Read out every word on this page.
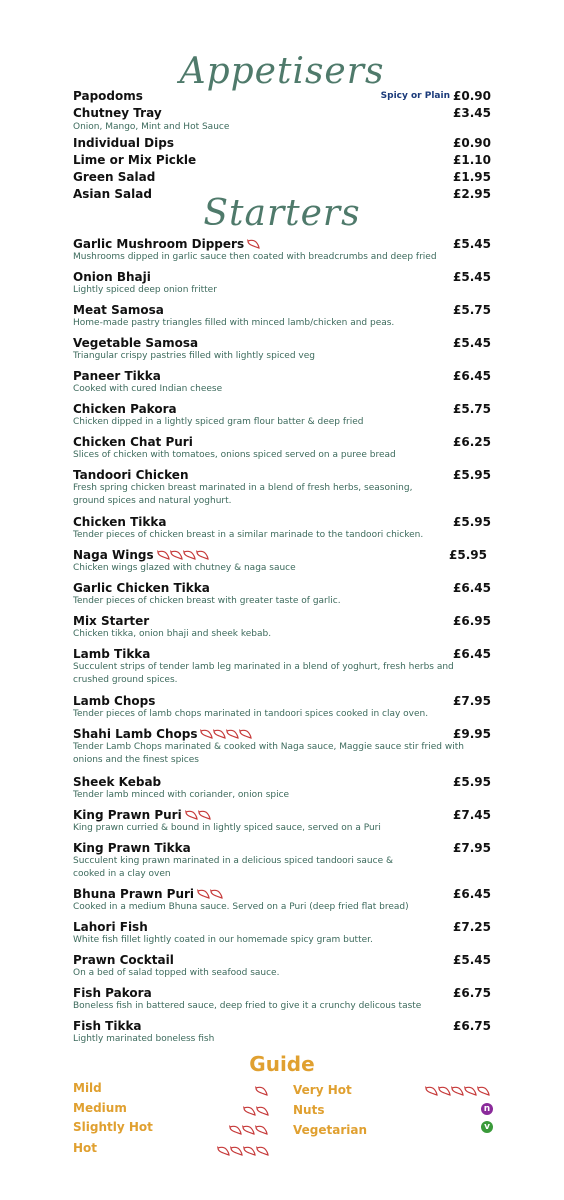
Appetisers
Papodoms	Spicy or Plain £0.90
Chutney Tray	£3.45
Onion, Mango, Mint and Hot Sauce
Individual Dips	£0.90
Lime or Mix Pickle	£1.10
Green Salad	£1.95
Asian Salad	£2.95
Starters
Garlic Mushroom Dippers	£5.45
Mushrooms dipped in garlic sauce then coated with breadcrumbs and deep fried
Onion Bhaji	£5.45
Lightly spiced deep onion fritter
Meat Samosa	£5.75
Home-made pastry triangles filled with minced lamb/chicken and peas.
Vegetable Samosa	£5.45
Triangular crispy pastries filled with lightly spiced veg
Paneer Tikka	£6.45
Cooked with cured Indian cheese
Chicken Pakora	£5.75
Chicken dipped in a lightly spiced gram flour batter & deep fried
Chicken Chat Puri	£6.25
Slices of chicken with tomatoes, onions spiced served on a puree bread
Tandoori Chicken	£5.95
Fresh spring chicken breast marinated in a blend of fresh herbs, seasoning, ground spices and natural yoghurt.
Chicken Tikka	£5.95
Tender pieces of chicken breast in a similar marinade to the tandoori chicken.
Naga Wings	£5.95
Chicken wings glazed with chutney & naga sauce
Garlic Chicken Tikka	£6.45
Tender pieces of chicken breast with greater taste of garlic.
Mix Starter	£6.95
Chicken tikka, onion bhaji and sheek kebab.
Lamb Tikka	£6.45
Succulent strips of tender lamb leg marinated in a blend of yoghurt, fresh herbs and crushed ground spices.
Lamb Chops	£7.95
Tender pieces of lamb chops marinated in tandoori spices cooked in clay oven.
Shahi Lamb Chops	£9.95
Tender Lamb Chops marinated & cooked with Naga sauce, Maggie sauce stir fried with onions and the finest spices
Sheek Kebab	£5.95
Tender lamb minced with coriander, onion spice
King Prawn Puri	£7.45
King prawn curried & bound in lightly spiced sauce, served on a Puri
King Prawn Tikka	£7.95
Succulent king prawn marinated in a delicious spiced tandoori sauce & cooked in a clay oven
Bhuna Prawn Puri	£6.45
Cooked in a medium Bhuna sauce. Served on a Puri (deep fried flat bread)
Lahori Fish	£7.25
White fish fillet lightly coated in our homemade spicy gram butter.
Prawn Cocktail	£5.45
On a bed of salad topped with seafood sauce.
Fish Pakora	£6.75
Boneless fish in battered sauce, deep fried to give it a crunchy delicous taste
Fish Tikka	£6.75
Lightly marinated boneless fish
Guide
Mild
Medium
Slightly Hot
Hot
Very Hot
Nuts	n
Vegetarian	v
